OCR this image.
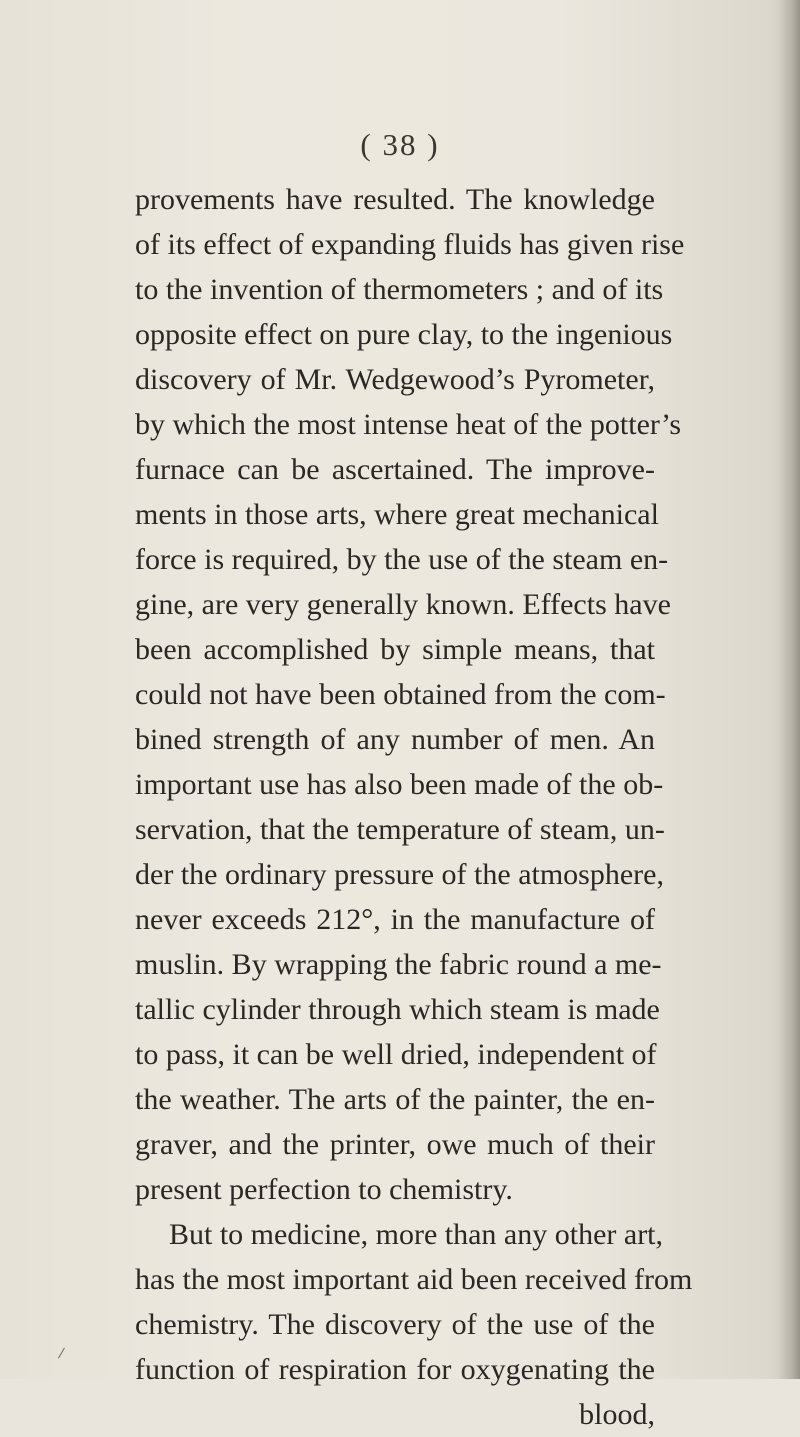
( 38 )
provements have resulted. The knowledge
of its effect of expanding fluids has given rise
to the invention of thermometers ; and of its
opposite effect on pure clay, to the ingenious
discovery of Mr. Wedgewood’s Pyrometer,
by which the most intense heat of the potter’s
furnace can be ascertained. The improve-
ments in those arts, where great mechanical
force is required, by the use of the steam en-
gine, are very generally known. Effects have
been accomplished by simple means, that
could not have been obtained from the com-
bined strength of any number of men. An
important use has also been made of the ob-
servation, that the temperature of steam, un-
der the ordinary pressure of the atmosphere,
never exceeds 212°, in the manufacture of
muslin. By wrapping the fabric round a me-
tallic cylinder through which steam is made
to pass, it can be well dried, independent of
the weather. The arts of the painter, the en-
graver, and the printer, owe much of their
present perfection to chemistry.
But to medicine, more than any other art,
has the most important aid been received from
chemistry. The discovery of the use of the
function of respiration for oxygenating the
blood,
